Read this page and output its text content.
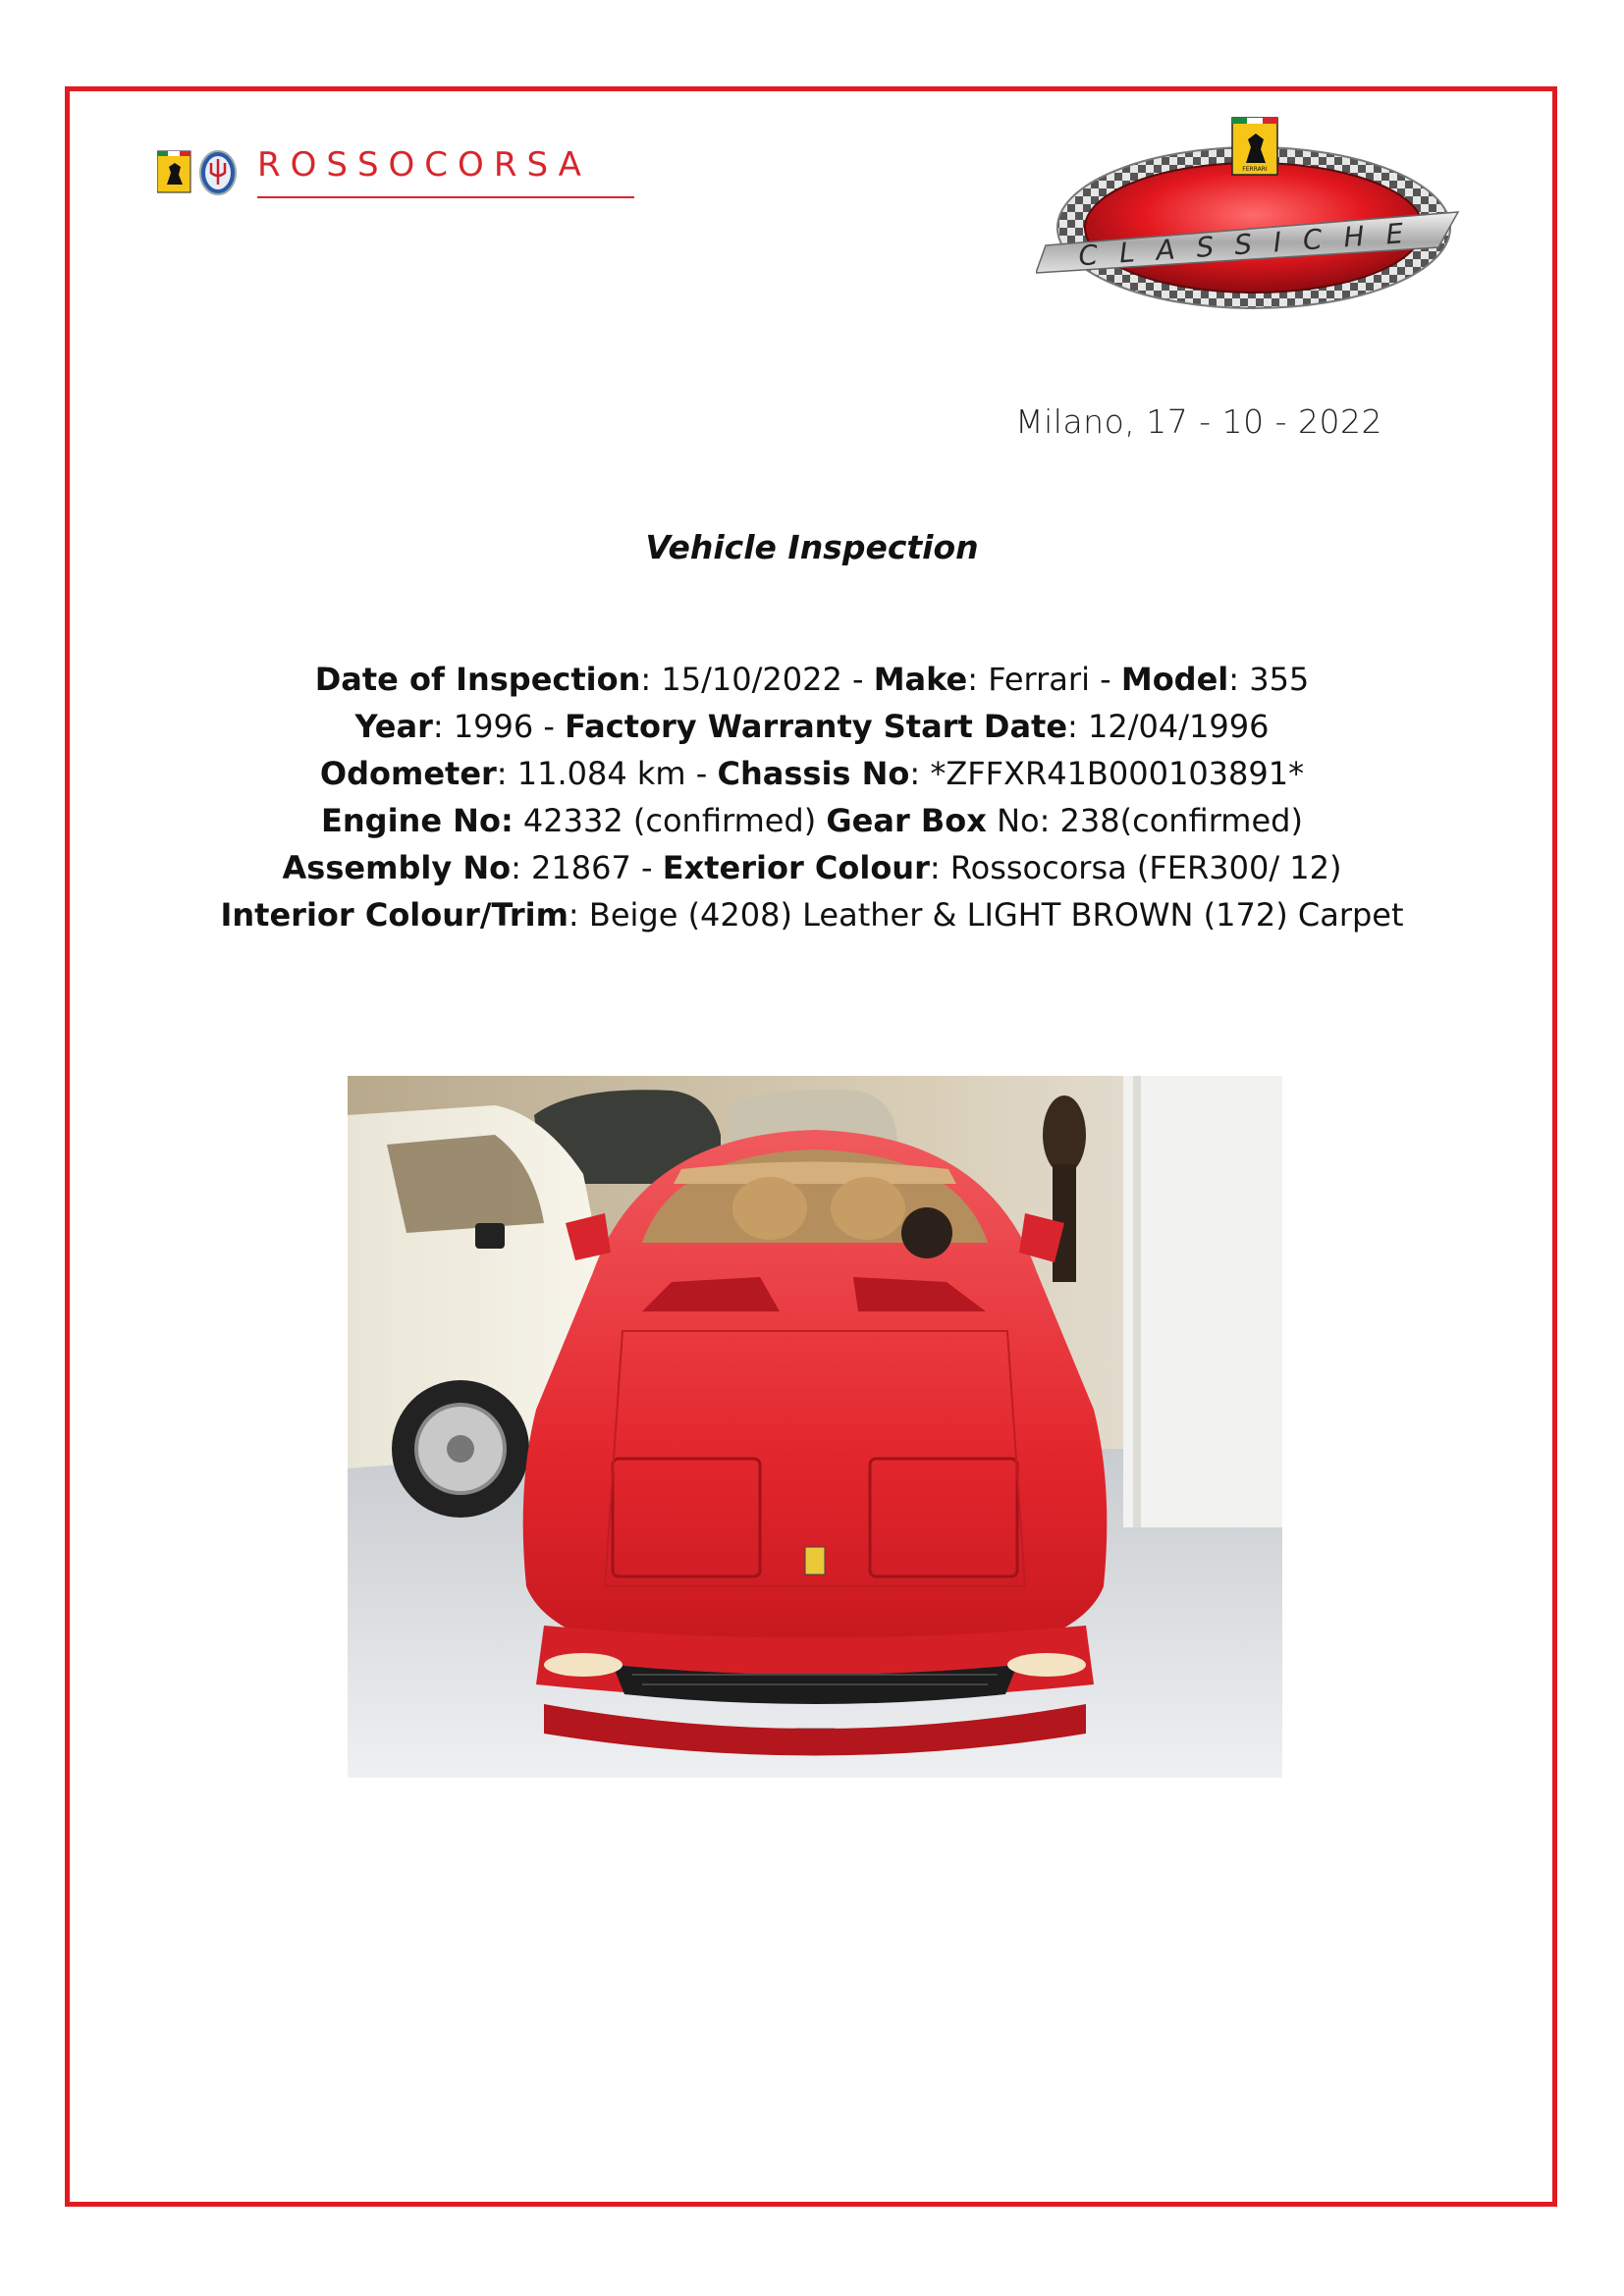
ROSSOCORSA	FERRARI
CLASSICHE
Milano, 17 - 10 - 2022
Vehicle Inspection
Date of Inspection: 15/10/2022 - Make: Ferrari - Model: 355
Year: 1996 - Factory Warranty Start Date: 12/04/1996
Odometer: 11.084 km - Chassis No: *ZFFXR41B000103891*
Engine No: 42332 (confirmed) Gear Box No: 238(confirmed)
Assembly No: 21867 - Exterior Colour: Rossocorsa (FER300/ 12)
Interior Colour/Trim: Beige (4208) Leather & LIGHT BROWN (172) Carpet
